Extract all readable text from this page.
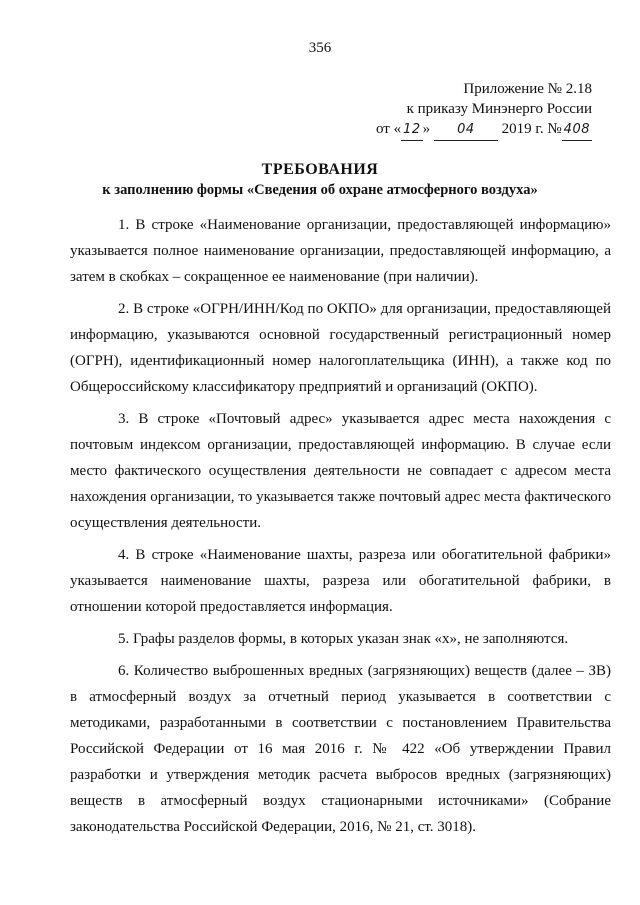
356
Приложение № 2.18
к приказу Минэнерго России
от « 12 » 04 2019 г. № 408
ТРЕБОВАНИЯ
к заполнению формы «Сведения об охране атмосферного воздуха»

1. В строке «Наименование организации, предоставляющей информацию» указывается полное наименование организации, предоставляющей информацию, а затем в скобках – сокращенное ее наименование (при наличии).

2. В строке «ОГРН/ИНН/Код по ОКПО» для организации, предоставляющей информацию, указываются основной государственный регистрационный номер (ОГРН), идентификационный номер налогоплательщика (ИНН), а также код по Общероссийскому классификатору предприятий и организаций (ОКПО).

3. В строке «Почтовый адрес» указывается адрес места нахождения с почтовым индексом организации, предоставляющей информацию. В случае если место фактического осуществления деятельности не совпадает с адресом места нахождения организации, то указывается также почтовый адрес места фактического осуществления деятельности.

4. В строке «Наименование шахты, разреза или обогатительной фабрики» указывается наименование шахты, разреза или обогатительной фабрики, в отношении которой предоставляется информация.

5. Графы разделов формы, в которых указан знак «х», не заполняются.

6. Количество выброшенных вредных (загрязняющих) веществ (далее – ЗВ) в атмосферный воздух за отчетный период указывается в соответствии с методиками, разработанными в соответствии с постановлением Правительства Российской Федерации от 16 мая 2016 г. № 422 «Об утверждении Правил разработки и утверждения методик расчета выбросов вредных (загрязняющих) веществ в атмосферный воздух стационарными источниками» (Собрание законодательства Российской Федерации, 2016, № 21, ст. 3018).
